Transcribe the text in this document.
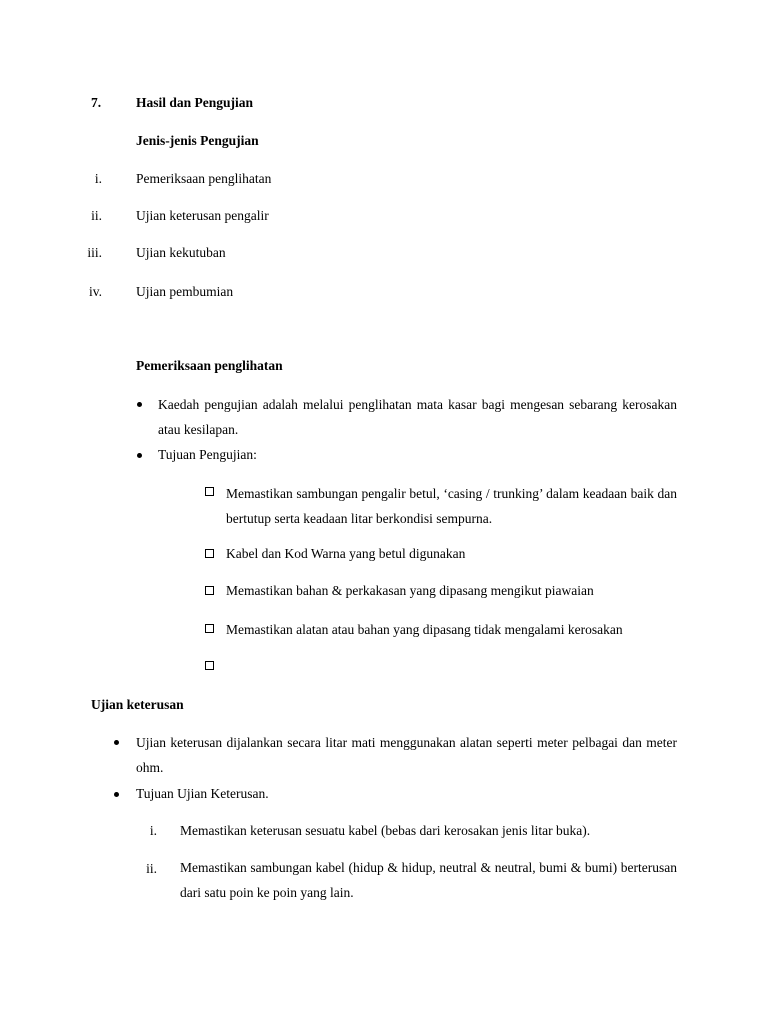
7.	Hasil dan Pengujian
Jenis-jenis Pengujian
i.	Pemeriksaan penglihatan
ii.	Ujian keterusan pengalir
iii.	Ujian kekutuban
iv.	Ujian pembumian
Pemeriksaan penglihatan
Kaedah pengujian adalah melalui penglihatan mata kasar bagi mengesan sebarang kerosakan atau kesilapan.
Tujuan Pengujian:
Memastikan sambungan pengalir betul, ‘casing / trunking’ dalam keadaan baik dan bertutup serta keadaan litar berkondisi sempurna.
Kabel dan Kod Warna yang betul digunakan
Memastikan bahan & perkakasan yang dipasang mengikut piawaian
Memastikan alatan atau bahan yang dipasang tidak mengalami kerosakan
Ujian keterusan
Ujian keterusan dijalankan secara litar mati menggunakan alatan seperti meter pelbagai dan meter ohm.
Tujuan Ujian Keterusan.
i. Memastikan keterusan sesuatu kabel (bebas dari kerosakan jenis litar buka).
ii. Memastikan sambungan kabel (hidup & hidup, neutral & neutral, bumi & bumi) berterusan dari satu poin ke poin yang lain.
